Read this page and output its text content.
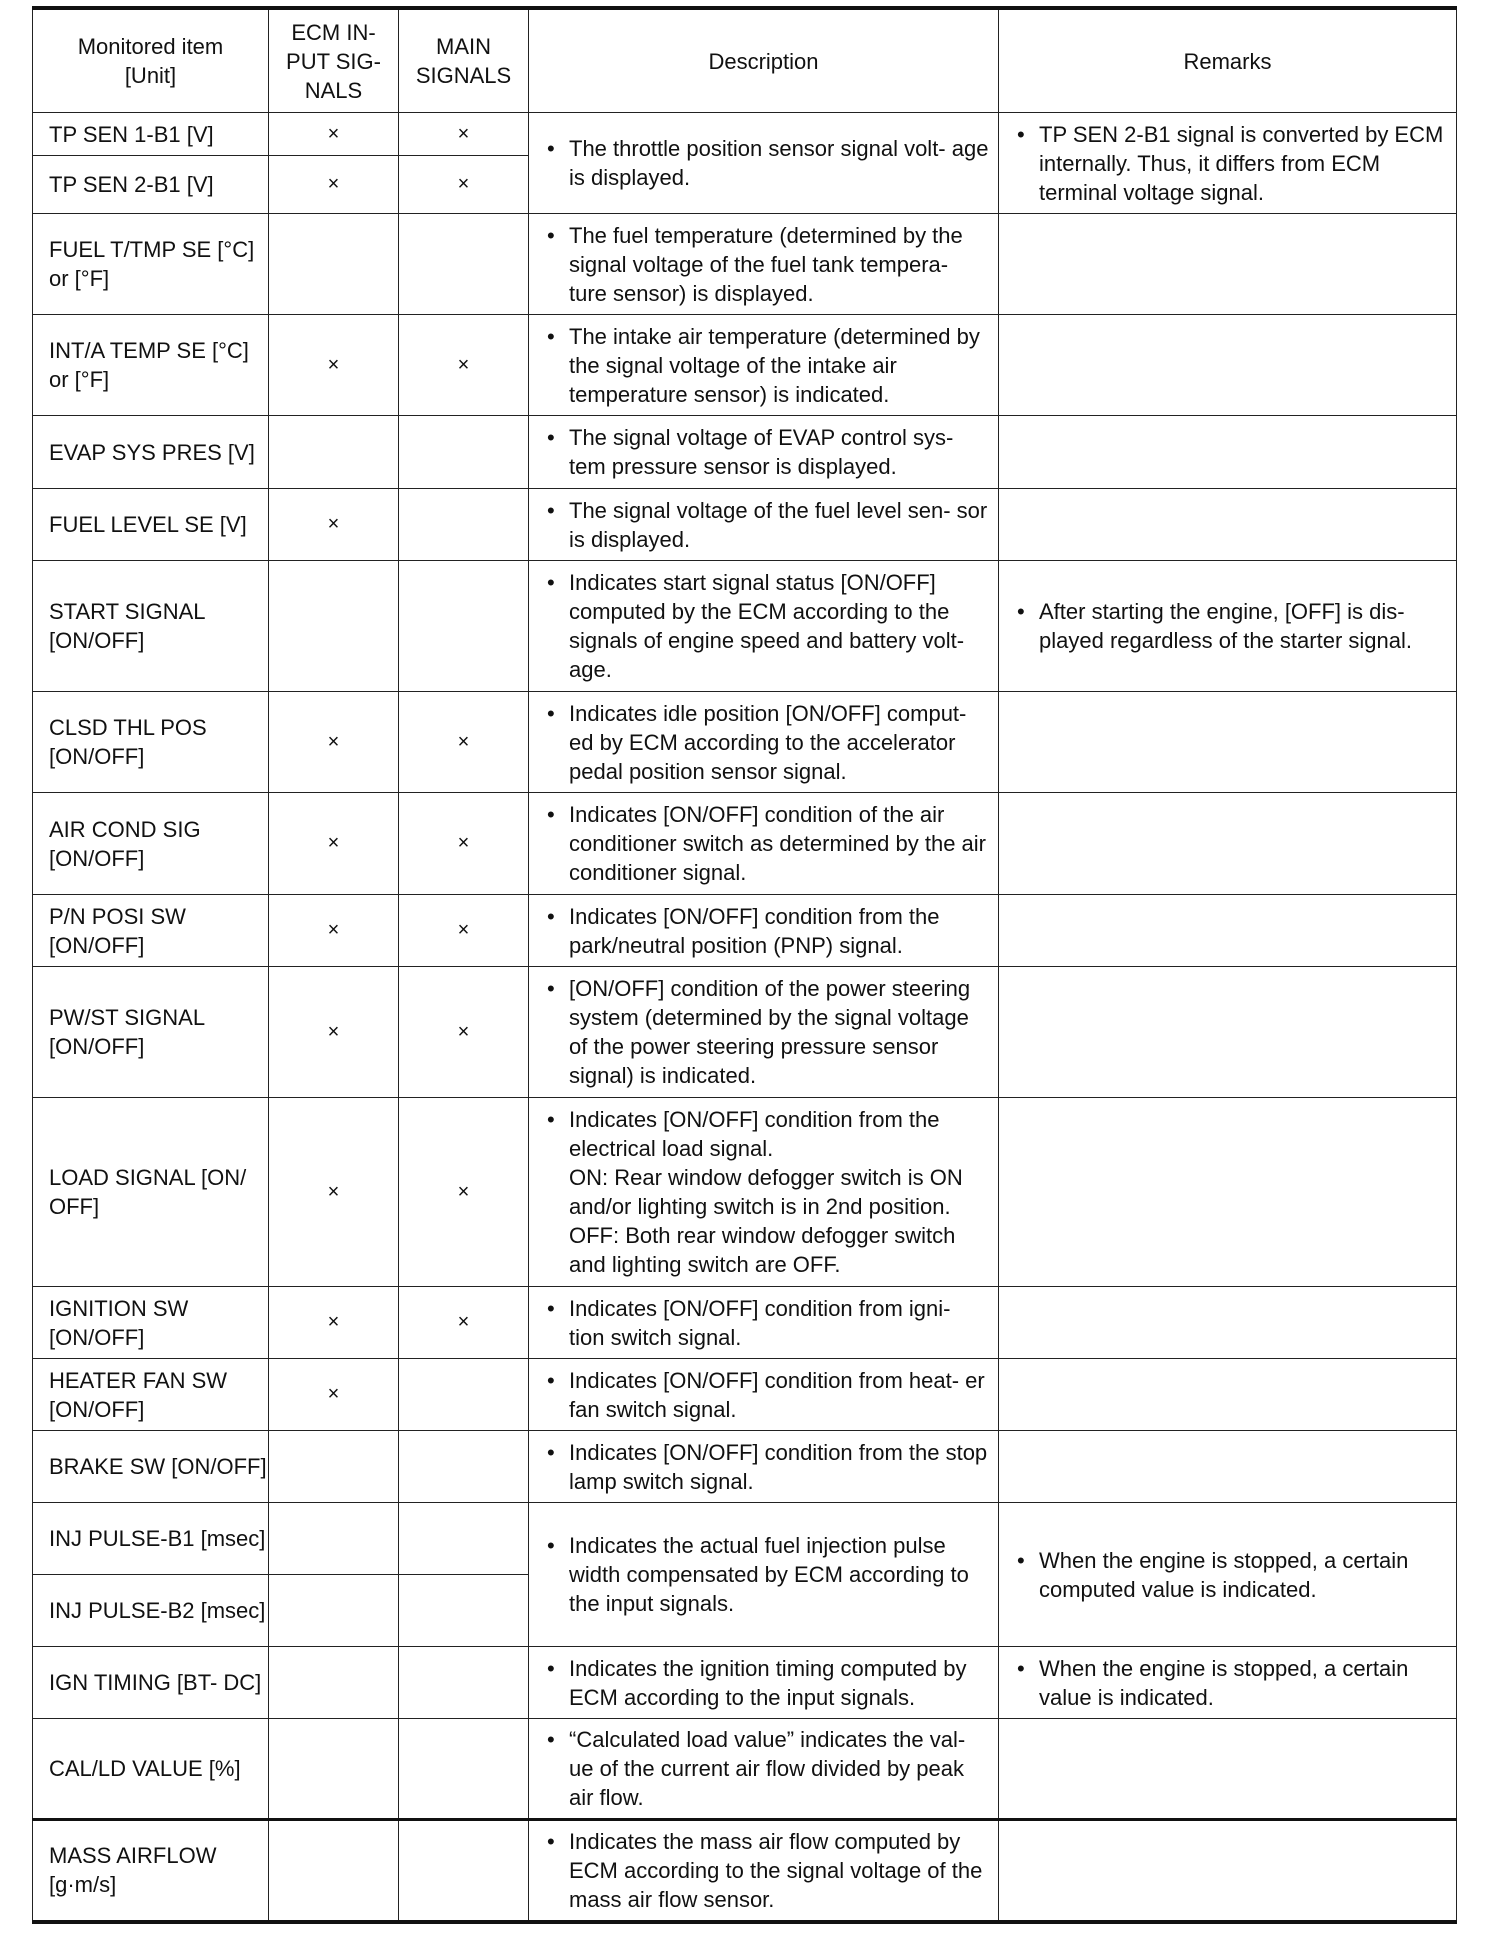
Monitored item [Unit]	ECM IN- PUT SIG- NALS	MAIN SIGNALS	Description	Remarks
TP SEN 1-B1 [V]	×	×	• The throttle position sensor signal volt- age is displayed.	• TP SEN 2-B1 signal is converted by ECM internally. Thus, it differs from ECM terminal voltage signal.

TP SEN 2-B1 [V]	×	×		
FUEL T/TMP SE [°C] or [°F]			• The fuel temperature (determined by the signal voltage of the fuel tank tempera- ture sensor) is displayed.

INT/A TEMP SE [°C] or [°F]	×	×	• The intake air temperature (determined by the signal voltage of the intake air temperature sensor) is indicated.

EVAP SYS PRES [V]			• The signal voltage of EVAP control sys- tem pressure sensor is displayed.

FUEL LEVEL SE [V]	×		• The signal voltage of the fuel level sen- sor is displayed.

START SIGNAL [ON/OFF]			• Indicates start signal status [ON/OFF] computed by the ECM according to the signals of engine speed and battery volt- age.	• After starting the engine, [OFF] is dis- played regardless of the starter signal.

CLSD THL POS [ON/OFF]	×	×	• Indicates idle position [ON/OFF] comput- ed by ECM according to the accelerator pedal position sensor signal.

AIR COND SIG [ON/OFF]	×	×	• Indicates [ON/OFF] condition of the air conditioner switch as determined by the air conditioner signal.

P/N POSI SW [ON/OFF]	×	×	• Indicates [ON/OFF] condition from the park/neutral position (PNP) signal.

PW/ST SIGNAL [ON/OFF]	×	×	• [ON/OFF] condition of the power steering system (determined by the signal voltage of the power steering pressure sensor signal) is indicated.

LOAD SIGNAL [ON/ OFF]	×	×	• Indicates [ON/OFF] condition from the electrical load signal.

ON: Rear window defogger switch is ON and/or lighting switch is in 2nd position.

OFF: Both rear window defogger switch and lighting switch are OFF.

IGNITION SW [ON/OFF]	×	×	• Indicates [ON/OFF] condition from igni- tion switch signal.

HEATER FAN SW [ON/OFF]	×		• Indicates [ON/OFF] condition from heat- er fan switch signal.

BRAKE SW [ON/OFF]			• Indicates [ON/OFF] condition from the stop lamp switch signal.

INJ PULSE-B1 [msec]			• Indicates the actual fuel injection pulse width compensated by ECM according to the input signals.	• When the engine is stopped, a certain computed value is indicated.

INJ PULSE-B2 [msec]				
IGN TIMING [BT- DC]			• Indicates the ignition timing computed by ECM according to the input signals.	• When the engine is stopped, a certain value is indicated.

CAL/LD VALUE [%]			• “Calculated load value” indicates the val- ue of the current air flow divided by peak air flow.

MASS AIRFLOW [g·m/s]			• Indicates the mass air flow computed by ECM according to the signal voltage of the mass air flow sensor.
